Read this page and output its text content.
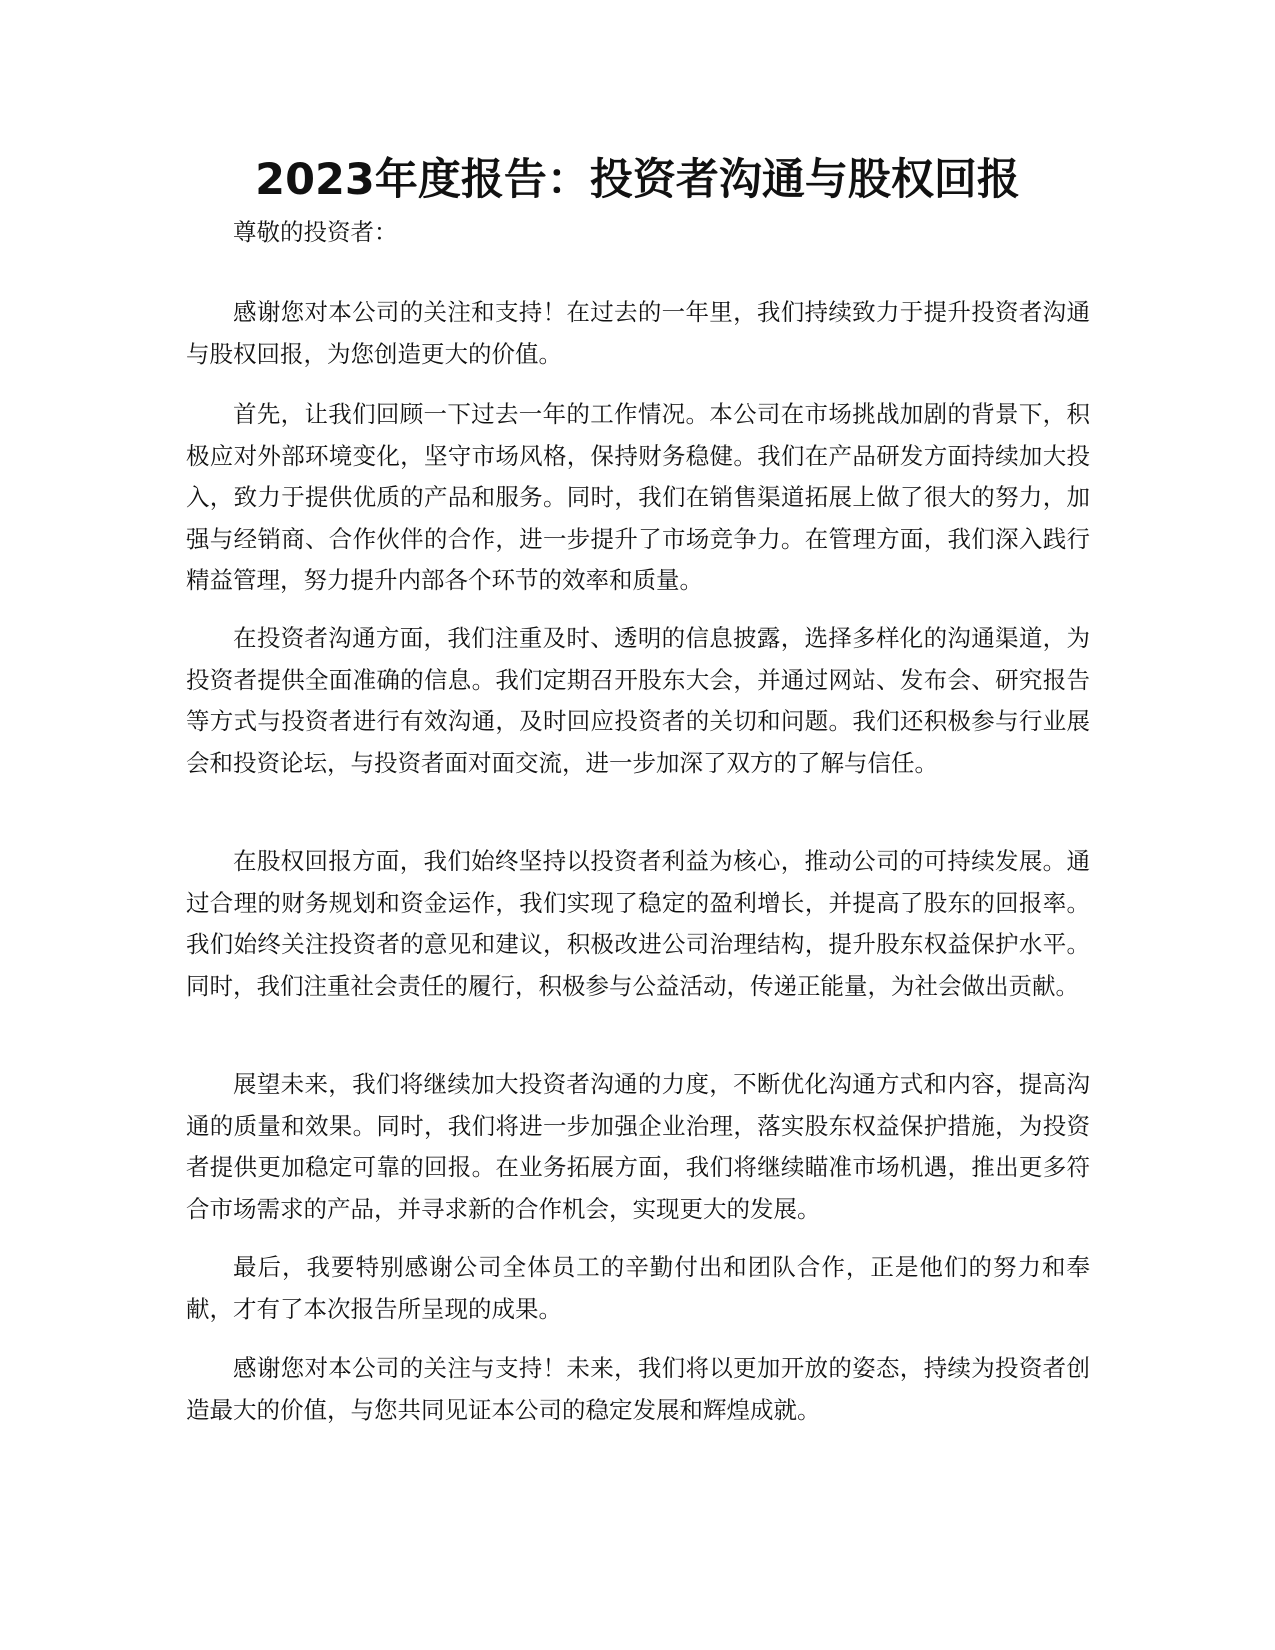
2023年度报告：投资者沟通与股权回报

尊敬的投资者：

感谢您对本公司的关注和支持！在过去的一年里，我们持续致力于提升投资者沟通与股权回报，为您创造更大的价值。

首先，让我们回顾一下过去一年的工作情况。本公司在市场挑战加剧的背景下，积极应对外部环境变化，坚守市场风格，保持财务稳健。我们在产品研发方面持续加大投入，致力于提供优质的产品和服务。同时，我们在销售渠道拓展上做了很大的努力，加强与经销商、合作伙伴的合作，进一步提升了市场竞争力。在管理方面，我们深入践行精益管理，努力提升内部各个环节的效率和质量。

在投资者沟通方面，我们注重及时、透明的信息披露，选择多样化的沟通渠道，为投资者提供全面准确的信息。我们定期召开股东大会，并通过网站、发布会、研究报告等方式与投资者进行有效沟通，及时回应投资者的关切和问题。我们还积极参与行业展会和投资论坛，与投资者面对面交流，进一步加深了双方的了解与信任。

在股权回报方面，我们始终坚持以投资者利益为核心，推动公司的可持续发展。通过合理的财务规划和资金运作，我们实现了稳定的盈利增长，并提高了股东的回报率。我们始终关注投资者的意见和建议，积极改进公司治理结构，提升股东权益保护水平。同时，我们注重社会责任的履行，积极参与公益活动，传递正能量，为社会做出贡献。

展望未来，我们将继续加大投资者沟通的力度，不断优化沟通方式和内容，提高沟通的质量和效果。同时，我们将进一步加强企业治理，落实股东权益保护措施，为投资者提供更加稳定可靠的回报。在业务拓展方面，我们将继续瞄准市场机遇，推出更多符合市场需求的产品，并寻求新的合作机会，实现更大的发展。

最后，我要特别感谢公司全体员工的辛勤付出和团队合作，正是他们的努力和奉献，才有了本次报告所呈现的成果。

感谢您对本公司的关注与支持！未来，我们将以更加开放的姿态，持续为投资者创造最大的价值，与您共同见证本公司的稳定发展和辉煌成就。
